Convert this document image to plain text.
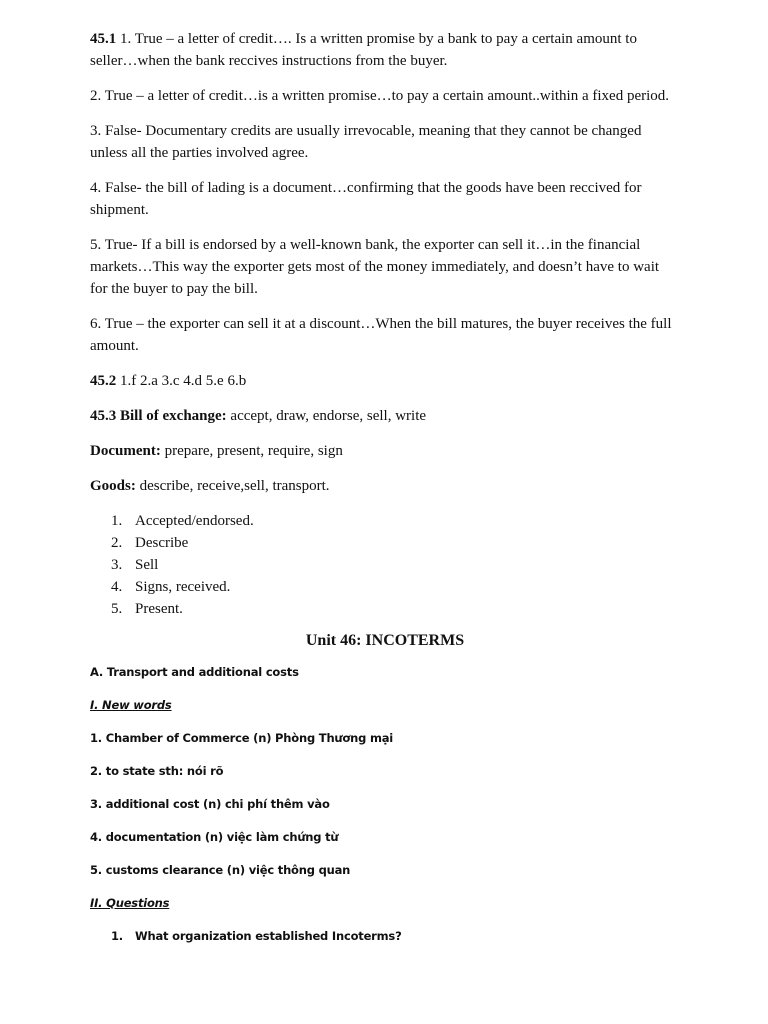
45.1 1. True – a letter of credit…. Is a written promise by a bank to pay a certain amount to seller…when the bank reccives instructions from the buyer.

2. True – a letter of credit…is a written promise…to pay a certain amount..within a fixed period.

3. False- Documentary credits are usually irrevocable, meaning that they cannot be changed unless all the parties involved agree.

4. False- the bill of lading is a document…confirming that the goods have been reccived for shipment.

5. True- If a bill is endorsed by a well-known bank, the exporter can sell it…in the financial markets…This way the exporter gets most of the money immediately, and doesn’t have to wait for the buyer to pay the bill.

6. True – the exporter can sell it at a discount…When the bill matures, the buyer receives the full amount.

45.2 1.f 2.a 3.c 4.d 5.e 6.b

45.3 Bill of exchange: accept, draw, endorse, sell, write

Document: prepare, present, require, sign

Goods: describe, receive,sell, transport.

1. Accepted/endorsed.
2. Describe
3. Sell
4. Signs, received.
5. Present.
Unit 46: INCOTERMS
A. Transport and additional costs
I. New words
1. Chamber of Commerce (n) Phòng Thương mại
2. to state sth: nói rõ
3. additional cost (n) chi phí thêm vào
4. documentation (n) việc làm chứng từ
5. customs clearance (n) việc thông quan
II. Questions
1. What organization established Incoterms?
